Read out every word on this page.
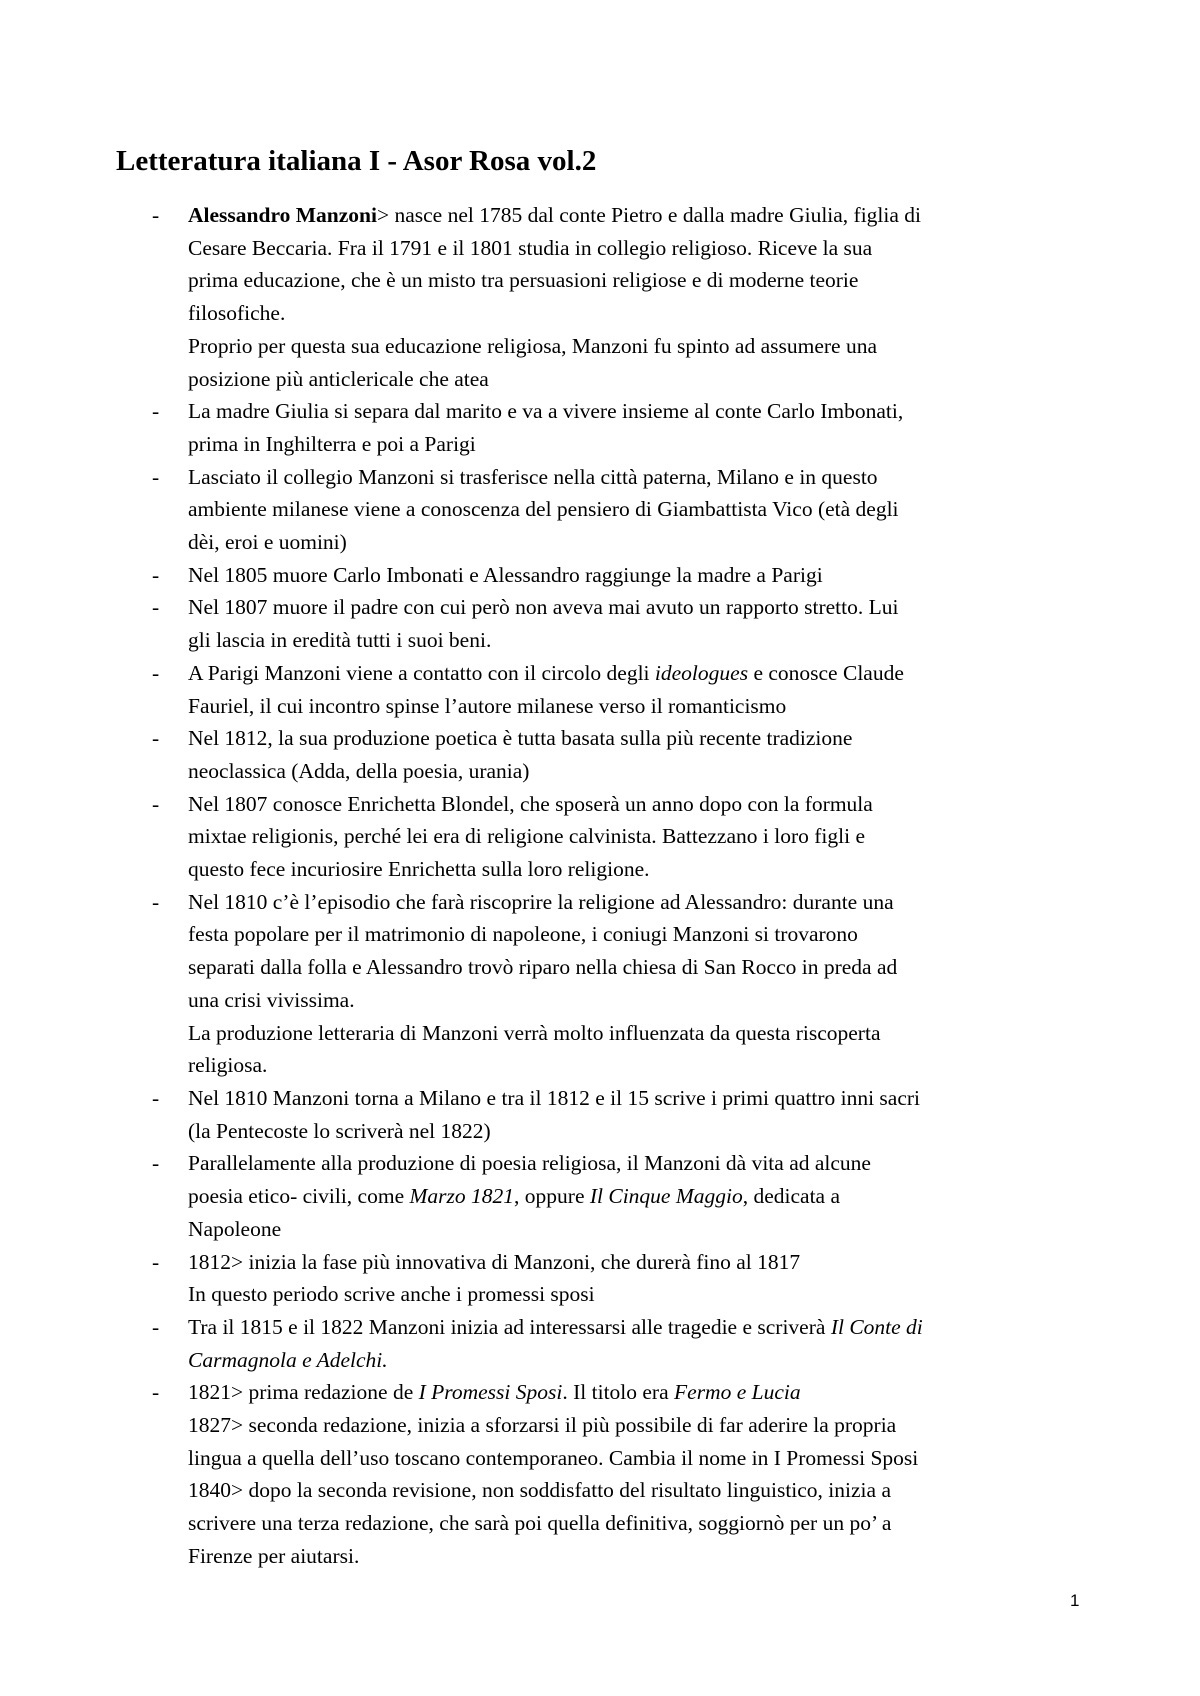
Letteratura italiana I - Asor Rosa vol.2
- Alessandro Manzoni> nasce nel 1785 dal conte Pietro e dalla madre Giulia, figlia di
Cesare Beccaria. Fra il 1791 e il 1801 studia in collegio religioso. Riceve la sua
prima educazione, che è un misto tra persuasioni religiose e di moderne teorie
filosofiche.
Proprio per questa sua educazione religiosa, Manzoni fu spinto ad assumere una
posizione più anticlericale che atea
- La madre Giulia si separa dal marito e va a vivere insieme al conte Carlo Imbonati,
prima in Inghilterra e poi a Parigi
- Lasciato il collegio Manzoni si trasferisce nella città paterna, Milano e in questo
ambiente milanese viene a conoscenza del pensiero di Giambattista Vico (età degli
dèi, eroi e uomini)
- Nel 1805 muore Carlo Imbonati e Alessandro raggiunge la madre a Parigi
- Nel 1807 muore il padre con cui però non aveva mai avuto un rapporto stretto. Lui
gli lascia in eredità tutti i suoi beni.
- A Parigi Manzoni viene a contatto con il circolo degli ideologues e conosce Claude
Fauriel, il cui incontro spinse l’autore milanese verso il romanticismo
- Nel 1812, la sua produzione poetica è tutta basata sulla più recente tradizione
neoclassica (Adda, della poesia, urania)
- Nel 1807 conosce Enrichetta Blondel, che sposerà un anno dopo con la formula
mixtae religionis, perché lei era di religione calvinista. Battezzano i loro figli e
questo fece incuriosire Enrichetta sulla loro religione.
- Nel 1810 c’è l’episodio che farà riscoprire la religione ad Alessandro: durante una
festa popolare per il matrimonio di napoleone, i coniugi Manzoni si trovarono
separati dalla folla e Alessandro trovò riparo nella chiesa di San Rocco in preda ad
una crisi vivissima.
La produzione letteraria di Manzoni verrà molto influenzata da questa riscoperta
religiosa.
- Nel 1810 Manzoni torna a Milano e tra il 1812 e il 15 scrive i primi quattro inni sacri
(la Pentecoste lo scriverà nel 1822)
- Parallelamente alla produzione di poesia religiosa, il Manzoni dà vita ad alcune
poesia etico- civili, come Marzo 1821, oppure Il Cinque Maggio, dedicata a
Napoleone
- 1812> inizia la fase più innovativa di Manzoni, che durerà fino al 1817
In questo periodo scrive anche i promessi sposi
- Tra il 1815 e il 1822 Manzoni inizia ad interessarsi alle tragedie e scriverà Il Conte di
Carmagnola e Adelchi.
- 1821> prima redazione de I Promessi Sposi. Il titolo era Fermo e Lucia
1827> seconda redazione, inizia a sforzarsi il più possibile di far aderire la propria
lingua a quella dell’uso toscano contemporaneo. Cambia il nome in I Promessi Sposi
1840> dopo la seconda revisione, non soddisfatto del risultato linguistico, inizia a
scrivere una terza redazione, che sarà poi quella definitiva, soggiornò per un po’ a
Firenze per aiutarsi.
1
